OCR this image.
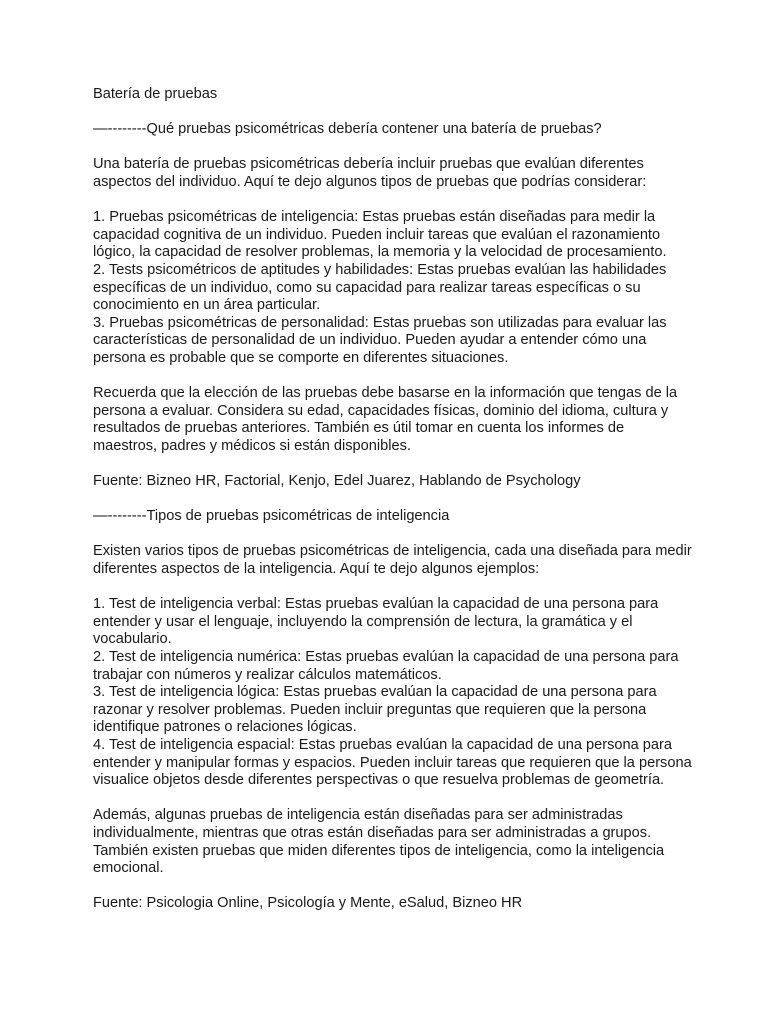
Batería de pruebas
—--------Qué pruebas psicométricas debería contener una batería de pruebas?
Una batería de pruebas psicométricas debería incluir pruebas que evalúan diferentes
aspectos del individuo. Aquí te dejo algunos tipos de pruebas que podrías considerar:
1. Pruebas psicométricas de inteligencia: Estas pruebas están diseñadas para medir la
capacidad cognitiva de un individuo. Pueden incluir tareas que evalúan el razonamiento
lógico, la capacidad de resolver problemas, la memoria y la velocidad de procesamiento.
2. Tests psicométricos de aptitudes y habilidades: Estas pruebas evalúan las habilidades
específicas de un individuo, como su capacidad para realizar tareas específicas o su
conocimiento en un área particular.
3. Pruebas psicométricas de personalidad: Estas pruebas son utilizadas para evaluar las
características de personalidad de un individuo. Pueden ayudar a entender cómo una
persona es probable que se comporte en diferentes situaciones.
Recuerda que la elección de las pruebas debe basarse en la información que tengas de la
persona a evaluar. Considera su edad, capacidades físicas, dominio del idioma, cultura y
resultados de pruebas anteriores. También es útil tomar en cuenta los informes de
maestros, padres y médicos si están disponibles.
Fuente: Bizneo HR, Factorial, Kenjo, Edel Juarez, Hablando de Psychology
—--------Tipos de pruebas psicométricas de inteligencia
Existen varios tipos de pruebas psicométricas de inteligencia, cada una diseñada para medir
diferentes aspectos de la inteligencia. Aquí te dejo algunos ejemplos:
1. Test de inteligencia verbal: Estas pruebas evalúan la capacidad de una persona para
entender y usar el lenguaje, incluyendo la comprensión de lectura, la gramática y el
vocabulario.
2. Test de inteligencia numérica: Estas pruebas evalúan la capacidad de una persona para
trabajar con números y realizar cálculos matemáticos.
3. Test de inteligencia lógica: Estas pruebas evalúan la capacidad de una persona para
razonar y resolver problemas. Pueden incluir preguntas que requieren que la persona
identifique patrones o relaciones lógicas.
4. Test de inteligencia espacial: Estas pruebas evalúan la capacidad de una persona para
entender y manipular formas y espacios. Pueden incluir tareas que requieren que la persona
visualice objetos desde diferentes perspectivas o que resuelva problemas de geometría.
Además, algunas pruebas de inteligencia están diseñadas para ser administradas
individualmente, mientras que otras están diseñadas para ser administradas a grupos.
También existen pruebas que miden diferentes tipos de inteligencia, como la inteligencia
emocional.
Fuente: Psicologia Online, Psicología y Mente, eSalud, Bizneo HR
